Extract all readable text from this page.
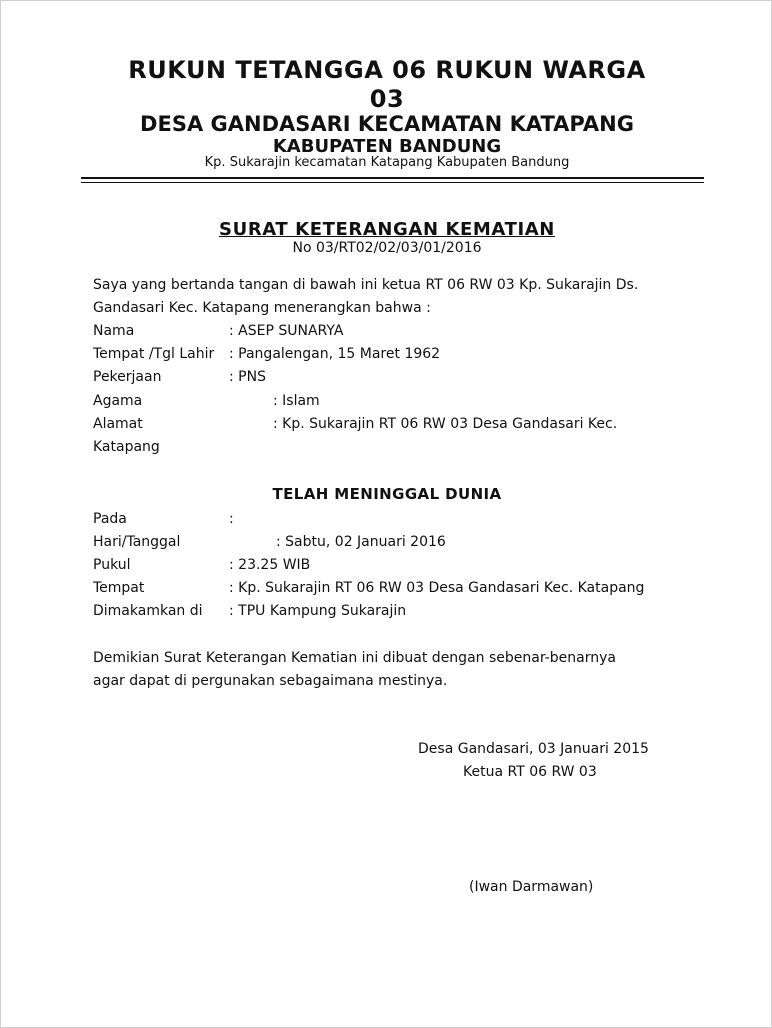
RUKUN TETANGGA 06 RUKUN WARGA
03
DESA GANDASARI KECAMATAN KATAPANG
KABUPATEN BANDUNG
Kp. Sukarajin kecamatan Katapang Kabupaten Bandung
SURAT KETERANGAN KEMATIAN
No 03/RT02/02/03/01/2016
Saya yang bertanda tangan di bawah ini ketua RT 06 RW 03 Kp. Sukarajin Ds.
Gandasari Kec. Katapang menerangkan bahwa :
Nama	: ASEP SUNARYA
Tempat /Tgl Lahir : Pangalengan, 15 Maret 1962
Pekerjaan	: PNS
Agama	: Islam
Alamat	: Kp. Sukarajin RT 06 RW 03 Desa Gandasari Kec.
Katapang
TELAH MENINGGAL DUNIA
Pada	:
Hari/Tanggal	: Sabtu, 02 Januari 2016
Pukul	: 23.25 WIB
Tempat	: Kp. Sukarajin RT 06 RW 03 Desa Gandasari Kec. Katapang
Dimakamkan di : TPU Kampung Sukarajin
Demikian Surat Keterangan Kematian ini dibuat dengan sebenar-benarnya
agar dapat di pergunakan sebagaimana mestinya.
Desa Gandasari, 03 Januari 2015
Ketua RT 06 RW 03
(Iwan Darmawan)
